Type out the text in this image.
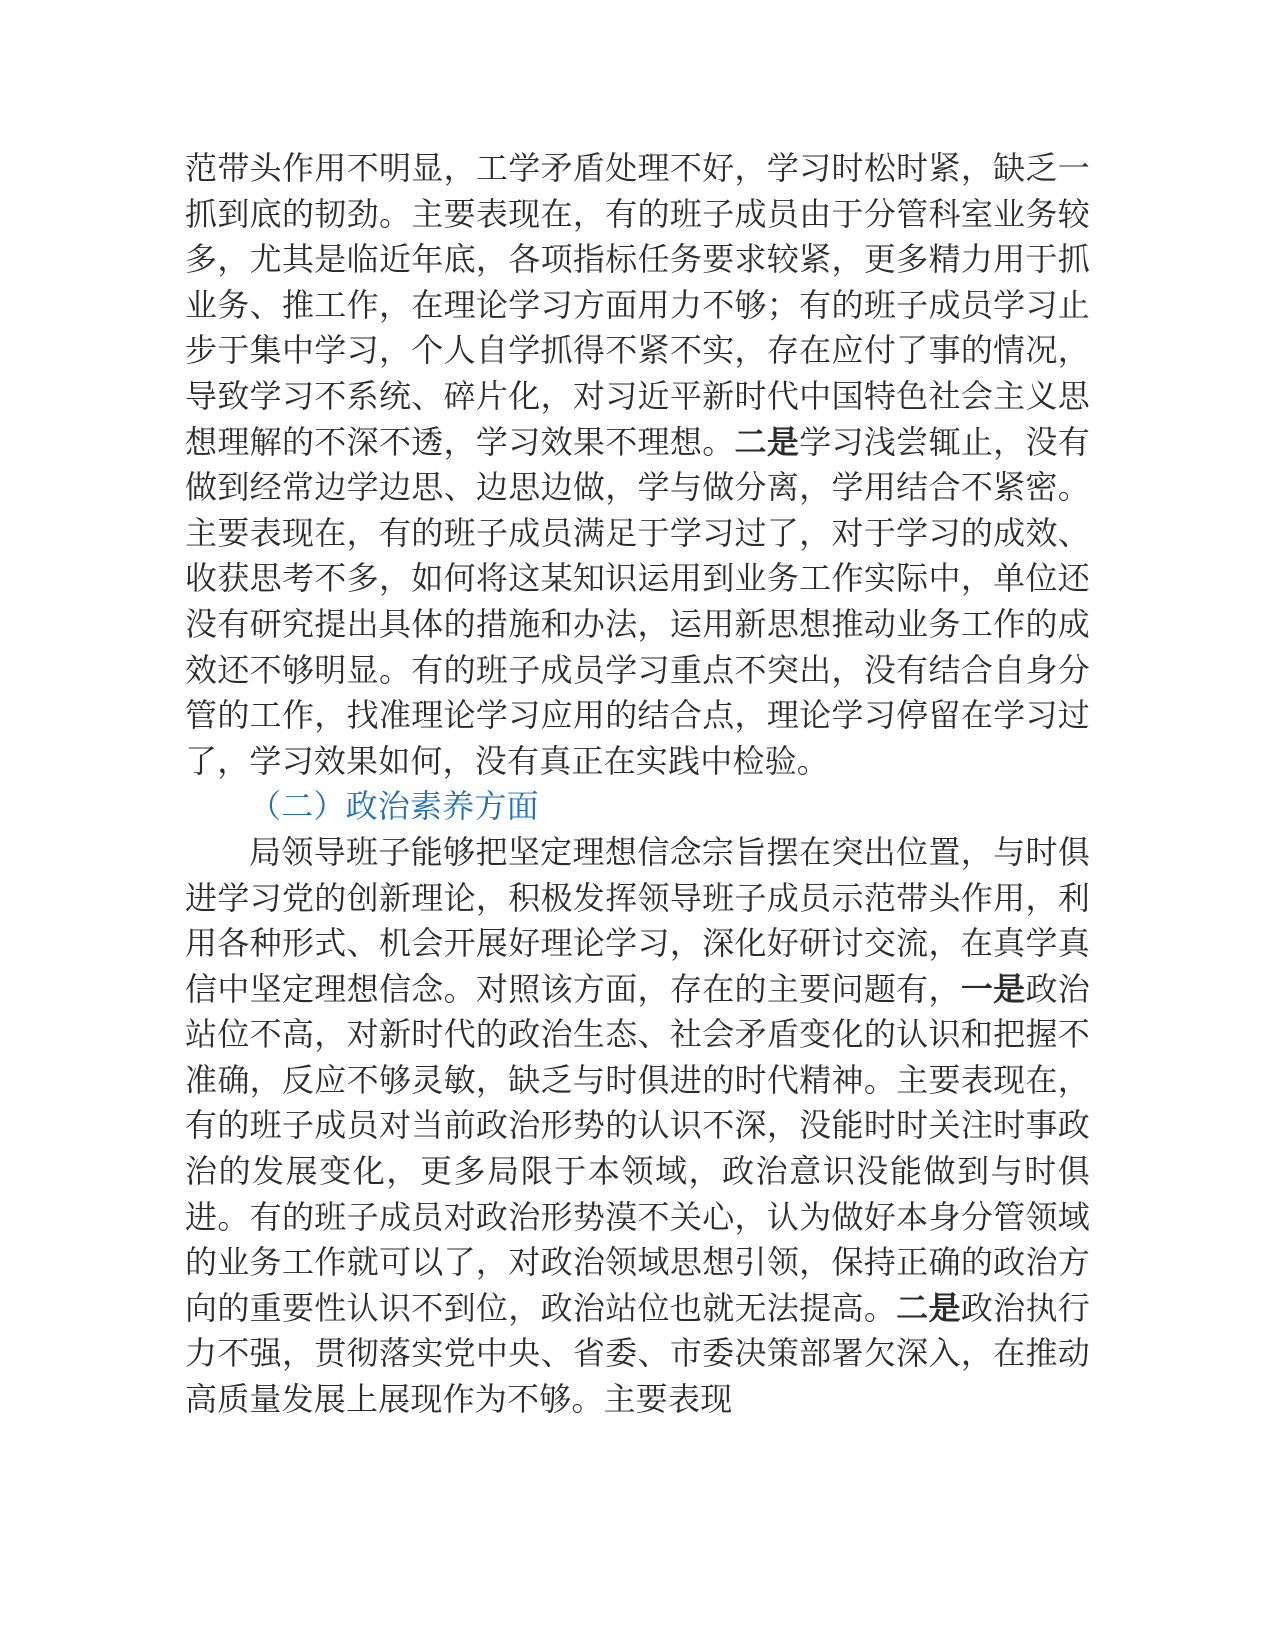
范带头作用不明显，工学矛盾处理不好，学习时松时紧，缺乏一抓到底的韧劲。主要表现在，有的班子成员由于分管科室业务较多，尤其是临近年底，各项指标任务要求较紧，更多精力用于抓业务、推工作，在理论学习方面用力不够；有的班子成员学习止步于集中学习，个人自学抓得不紧不实，存在应付了事的情况，导致学习不系统、碎片化，对习近平新时代中国特色社会主义思想理解的不深不透，学习效果不理想。二是学习浅尝辄止，没有做到经常边学边思、边思边做，学与做分离，学用结合不紧密。主要表现在，有的班子成员满足于学习过了，对于学习的成效、收获思考不多，如何将这某知识运用到业务工作实际中，单位还没有研究提出具体的措施和办法，运用新思想推动业务工作的成效还不够明显。有的班子成员学习重点不突出，没有结合自身分管的工作，找准理论学习应用的结合点，理论学习停留在学习过了，学习效果如何，没有真正在实践中检验。

（二）政治素养方面

局领导班子能够把坚定理想信念宗旨摆在突出位置，与时俱进学习党的创新理论，积极发挥领导班子成员示范带头作用，利用各种形式、机会开展好理论学习，深化好研讨交流，在真学真信中坚定理想信念。对照该方面，存在的主要问题有，一是政治站位不高，对新时代的政治生态、社会矛盾变化的认识和把握不准确，反应不够灵敏，缺乏与时俱进的时代精神。主要表现在，有的班子成员对当前政治形势的认识不深，没能时时关注时事政治的发展变化，更多局限于本领域，政治意识没能做到与时俱进。有的班子成员对政治形势漠不关心，认为做好本身分管领域的业务工作就可以了，对政治领域思想引领，保持正确的政治方向的重要性认识不到位，政治站位也就无法提高。二是政治执行力不强，贯彻落实党中央、省委、市委决策部署欠深入，在推动高质量发展上展现作为不够。主要表现
